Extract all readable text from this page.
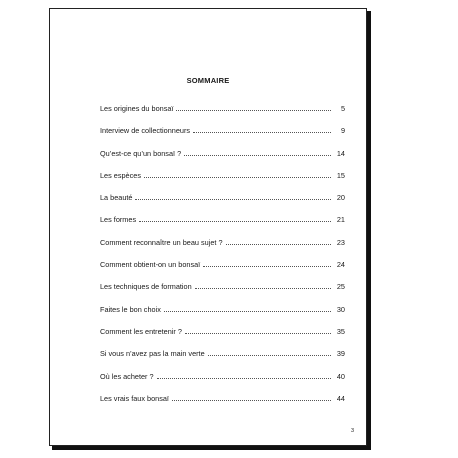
SOMMAIRE
Les origines du bonsaï	5
Interview de collectionneurs	9
Qu’est-ce qu’un bonsaï ?	14
Les espèces	15
La beauté	20
Les formes	21
Comment reconnaître un beau sujet ?	23
Comment obtient-on un bonsaï	24
Les techniques de formation	25
Faites le bon choix	30
Comment les entretenir ?	35
Si vous n’avez pas la main verte	39
Où les acheter ?	40
Les vrais faux bonsaï	44
3
